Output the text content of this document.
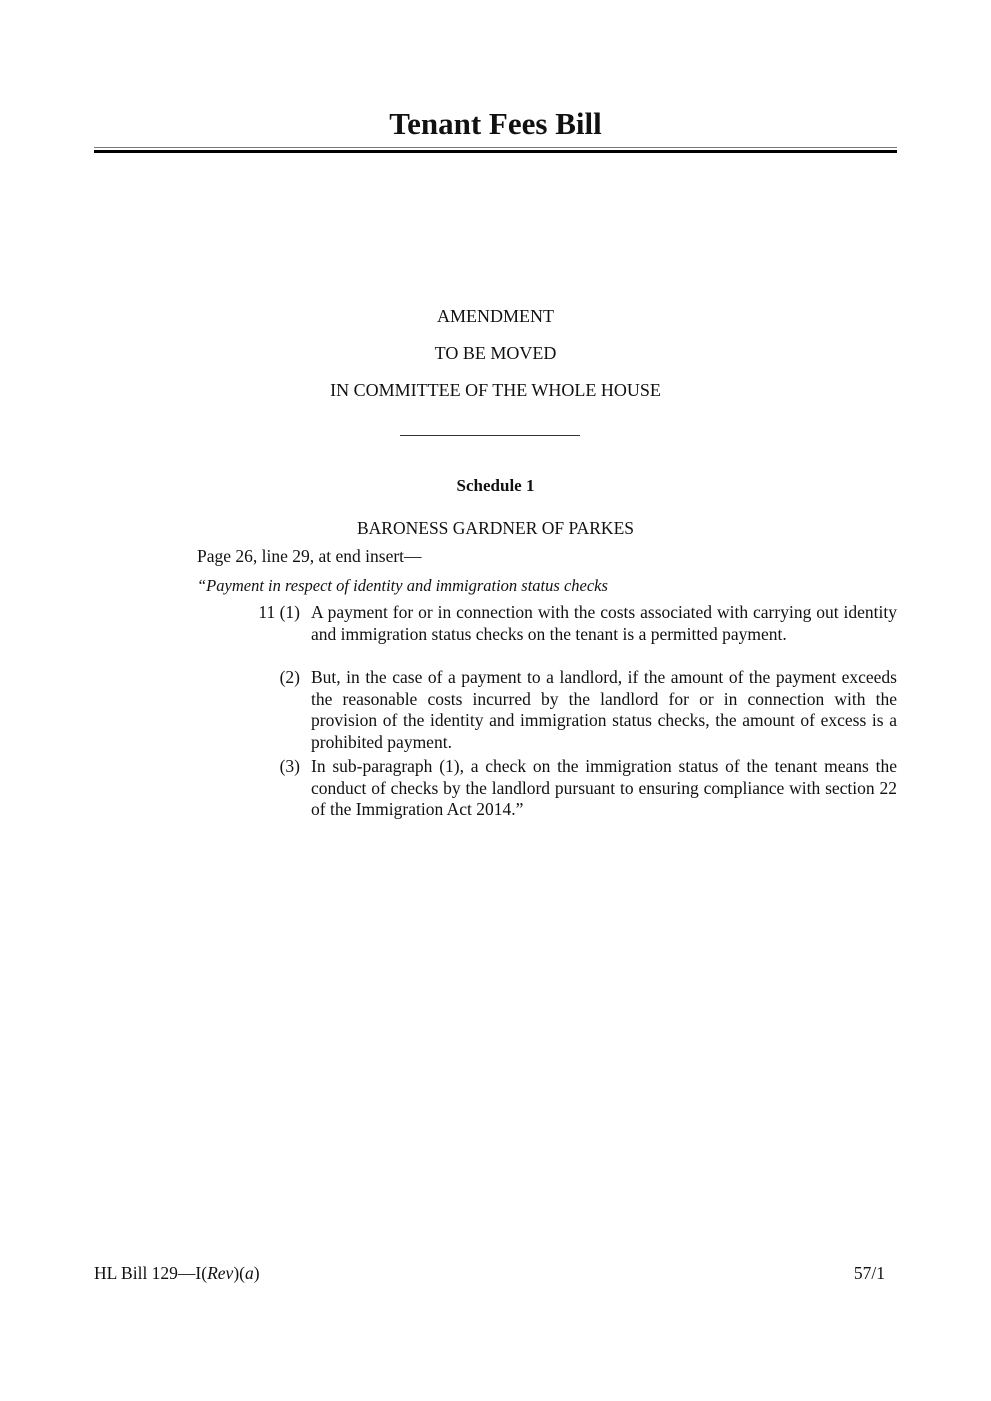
Tenant Fees Bill
AMENDMENT
TO BE MOVED
IN COMMITTEE OF THE WHOLE HOUSE
Schedule 1
BARONESS GARDNER OF PARKES
Page 26, line 29, at end insert—
“Payment in respect of identity and immigration status checks
11 (1) A payment for or in connection with the costs associated with carrying out identity and immigration status checks on the tenant is a permitted payment.
(2) But, in the case of a payment to a landlord, if the amount of the payment exceeds the reasonable costs incurred by the landlord for or in connection with the provision of the identity and immigration status checks, the amount of excess is a prohibited payment.
(3) In sub-paragraph (1), a check on the immigration status of the tenant means the conduct of checks by the landlord pursuant to ensuring compliance with section 22 of the Immigration Act 2014.”
HL Bill 129—I(Rev)(a)	57/1
